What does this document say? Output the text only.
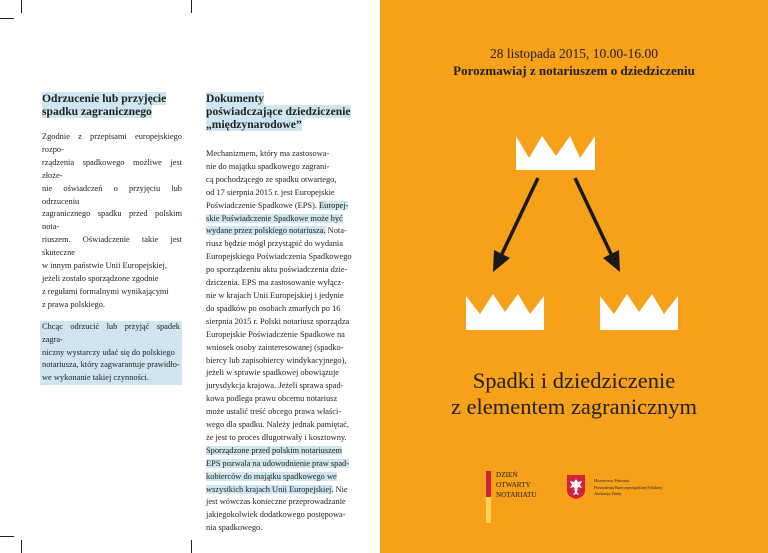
Odrzucenie lub przyjęcie
spadku zagranicznego
Zgodnie z przepisami europejskiego rozpo-
rządzenia spadkowego możliwe jest złoże-
nie oświadczeń o przyjęciu lub odrzuceniu
zagranicznego spadku przed polskim nota-
riuszem. Oświadczenie takie jest skuteczne
w innym państwie Unii Europejskiej,
jeżeli zostało sporządzone zgodnie
z regułami formalnymi wynikającymi
z prawa polskiego.
Chcąc odrzucić lub przyjąć spadek zagra-
niczny wystarczy udać się do polskiego
notariusza, który zagwarantuje prawidło-
we wykonanie takiej czynności.
Dokumenty
poświadczające dziedziczenie
„międzynarodowe”
Mechanizmem, który ma zastosowa-
nie do majątku spadkowego zagrani-
cą pochodzącego ze spadku otwartego,
od 17 sierpnia 2015 r. jest Europejskie
Poświadczenie Spadkowe (EPS). Europej-
skie Poświadczenie Spadkowe może być
wydane przez polskiego notariusza. Nota-
riusz będzie mógł przystąpić do wydania
Europejskiego Poświadczenia Spadkowego
po sporządzeniu aktu poświadczenia dzie-
dziczenia. EPS ma zastosowanie wyłącz-
nie w krajach Unii Europejskiej i jedynie
do spadków po osobach zmarłych po 16
sierpnia 2015 r. Polski notariusz sporządza
Europejskie Poświadczenie Spadkowe na
wniosek osoby zainteresowanej (spadko-
biercy lub zapisobiercy windykacyjnego),
jeżeli w sprawie spadkowej obowiązuje
jurysdykcja krajowa. Jeżeli sprawa spad-
kowa podlega prawu obcemu notariusz
może ustalić treść obcego prawa właści-
wego dla spadku. Należy jednak pamiętać,
że jest to proces długotrwały i kosztowny.
Sporządzone przed polskim notariuszem
EPS pozwala na udowodnienie praw spad-
kobierców do majątku spadkowego we
wszystkich krajach Unii Europejskiej. Nie
jest wówczas konieczne przeprowadzanie
jakiegokolwiek dodatkowego postępowa-
nia spadkowego.
28 listopada 2015, 10.00-16.00
Porozmawiaj z notariuszem o dziedziczeniu
Spadki i dziedziczenie
z elementem zagranicznym
DZIEŃ
OTWARTY
NOTARIATU
Honorowy Patronat
Prezydenta Rzeczypospolitej Polskiej
Andrzeja Dudy
